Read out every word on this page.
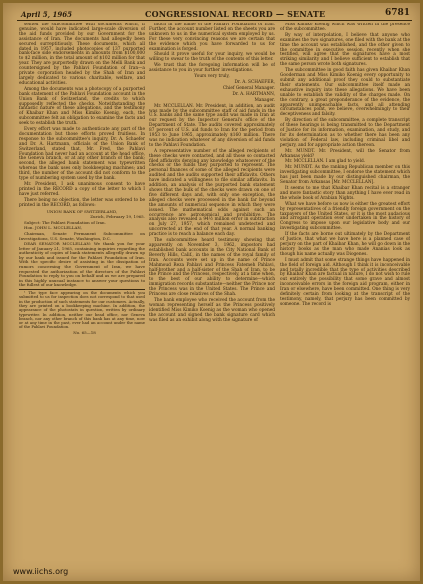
April 5, 1965	CONGRESSIONAL RECORD — SENATE	6781

sented the subcommittee with documents which, if genuine, would have indicated large-scale diversion of the aid funds provided by our Government for the assistance of Iran. The documents had allegedly been secured surreptitiously. These documents, which all dated in 1957, included photocopies of 137 purported bank-face side endorsements in amounts from $100,000 to $2 million, in the total amount of $102 million for that year. They are purportedly drawn on the Melli Bank and countersigned by the Pahlavi Foundation of Iran—a private corporation headed by the Shah of Iran and largely dedicated to various charitable, welfare, and educational activities.

Among the documents was a photocopy of a purported bank statement of the Pahlavi Foundation account in the Union Bank of Switzerland, the credits to which supposedly reflected the checks. Notwithstanding the fantastic nature of these allegations, and the testimony of Khaibar Khan and Miss Kimiko Koenig, each, the subcommittee felt an obligation to examine the facts and seek to establish the truth.

Every effort was made to authenticate any part of the documentation but those efforts proved fruitless. In response to the subcommittee's inquiry, Dr. A. Schaefer and Dr. A. Hartmann, officials of the Union Bank of Switzerland, stated that, Mr. Fred, the Pahlavi Foundation had never had an account at the head office, the Geneva branch, or at any other branch of the bank; second, the alleged bank statement was typewritten whereas the bank uses only bookkeeping machines; and third, the number of the account did not conform to the type of numbering system used by the bank.

Mr. President, I ask unanimous consent to have printed in the RECORD a copy of the letter to which I have just referred.

There being no objection, the letter was ordered to be printed in the RECORD, as follows:

UNION BANK OF SWITZERLAND,

Zurich, February 19, 1965.

Subject: The Pahlavi Foundation of Iran.

Hon. JOHN L. MCCLELLAN,

Chairman, Senate Permanent Subcommittee on Investigations, U.S. Senate, Washington, D.C.

DEAR SENATOR MCCLELLAN: We thank you for your letter of January 21, 1965, containing inquiries regarding the authenticity of copies of bank statements allegedly drawn up by our bank and issued for the Pahlavi Foundation of Iran. With the specific desire of assisting in the dissipation of rumors concerning the Government of Iran, we have requested the authorization of the directors of the Pahlavi Foundation to reply to you on behalf and as we are prepared in this highly unusual instance to answer your questions to the fullest of our knowledge.

¹ The type face appearing on the documents which you submitted to us for inspection does not correspond to that used in the production of such statements for our customers. Actually, they are printed on a bookkeeping machine. In addition, the appearance of the photostats in question, written by ordinary typewriter. In addition, neither our head office, nor Geneva branch, nor any other branch of this bank has at any time, now or at any time in the past, ever had an account under the name of the Pahlavi Foundation.

No. 65—18

much in the name of the Pahlavi Foundation of Iran. Further, the account number listed on the sheets you are unknown to us in the numerical system employed by us. For these very convincing reasons we are certain that the evidence which you have forwarded to us for examination is forged.

Should it prove useful for your inquiry, we would be willing to swear to the truth of the contents of this letter.

We trust that the foregoing information will be of assistance to you in your further investigations.

Yours very truly,

Dr. A. SCHAEFER,

Chief General Manager.

Dr. A. HARTMANN,

Manager.

Mr. MCCLELLAN. Mr. President, in addition, an audit was made by the subcommittee staff of aid funds in the U.S. banks and the same type audit was made in Iran at our request by the Inspector General's office of the Department of State. The audits covered approximately 87 percent of U.S. aid funds to Iran for the period from 1953 to June 1965, approximately $160 million. There was no indication whatever of any diversion of aid funds to the Pahlavi Foundation.

A representative number of the alleged recipients of these checks were contacted, and all those so contacted filed affidavits denying any knowledge whatsoever of the checks or the funds they purported to represent. The personal finances of some of the alleged recipients were audited and the audits supported their affidavits. Others have indicated a willingness to file similar affidavits. In addition, an analysis of the purported bank statement shows that the bulk of the checks were drawn on one of five different days and, with only one exception, the alleged checks were processed in the bank far beyond the amounts of numerical sequence in which they were issued. The mathematical odds against such an occurrence are astronomical and prohibitive. The analysis also revealed a 94½ million error in subtraction on July 27, 1957, which remained undetected and uncorrected at the end of that year. A normal banking practice is to reach a balance each day.

The subcommittee heard testimony showing that apparently on November 3, 1962, impostors had established bank accounts in the City National Bank of Beverly Hills, Calif., in the names of the royal family of Iran. Accounts were set up in the name of Prince Mahmoud Reza Pahlavi and Princess Fatemeh Pahlavi, half-brother and a half-sister of the Shah of Iran, to be the Prince and the Princess, respectively, at a time when, to the best of our ability to determine—which immigration records substantiate—neither the Prince nor the Princess was in the United States. The Prince and Princess are close relatives of the Shah.

The bank employee who received the account from the woman representing herself as the Princess positively identified Miss Kimiko Koenig as the woman who opened the account and signed the bank signature card which was filed as an exhibit along with the signature of

Miss Kimiko Koenig which was written in the presence of the subcommittee.

By way of interpolation, I believe that anyone who examines the two signatures, one filed with the bank at the time the account was established, and the other given to the committee in executive session, recently when she testified, will agree that the signatures have a most striking similarity and I believe sufficient to establish that the same person wrote both signatures.

The subcommittee in good faith has given Khaibar Khan Gooderman and Miss Kimiko Koenig every opportunity to submit any additional proof they could to substantiate their statements. Our subcommittee itself made an exhaustive inquiry into these allegations. We have been unable to establish the validity of the charges made. On the contrary, a great preponderance of the evidence, the apparently unimpeachable facts, and all attending circumstances point, we believe, overwhelmingly to their deceptiveness and falsity.

By direction of the subcommittee, a complete transcript of these hearings is being transmitted to the Department of Justice for its information, examination, and study, and for its determination as to whether there has been any violation of Federal law, including criminal libel and perjury, and for appropriate action thereon.

Mr. MUNDT. Mr. President, will the Senator from Arkansas yield?

Mr. MCCLELLAN. I am glad to yield.

Mr. MUNDT. As the ranking Republican member on this investigating subcommittee, I endorse the statement which has just been made by our distinguished chairman, the Senator from Arkansas [Mr. MCCLELLAN].

It seems to me that Khaibar Khan recital is a stranger and more fantastic story than anything I have ever read in the whole book of Arabian Nights.

What we have before us now is either the greatest effort by representatives of a friendly foreign government on the taxpayers of the United States, or it is the most audacious and arrogant operation ever undertaken in the history of Congress to impose upon our legislative body and our investigating subcommittee.

If the facts are borne out ultimately by the Department of Justice, that what we have here is a planned case of perjury on the part of Khaibar Khan, he will go down in the history books as the man who made Ananias look as though his name actually was Diogenes.

I must admit that some strange things have happened in the field of foreign aid. Although I think it is inconceivable and totally incredible that the type of activities described by Khaibar Khan are factual in nature, I do not wish to rule out entirely the possibility that some grave and almost inconceivable errors in the foreign aid program, either in Iran or elsewhere, have been committed. One thing is very definitely certain from looking at the transcript of the testimony, namely, that perjury has been committed by someone. The record is

www.iichs.org
